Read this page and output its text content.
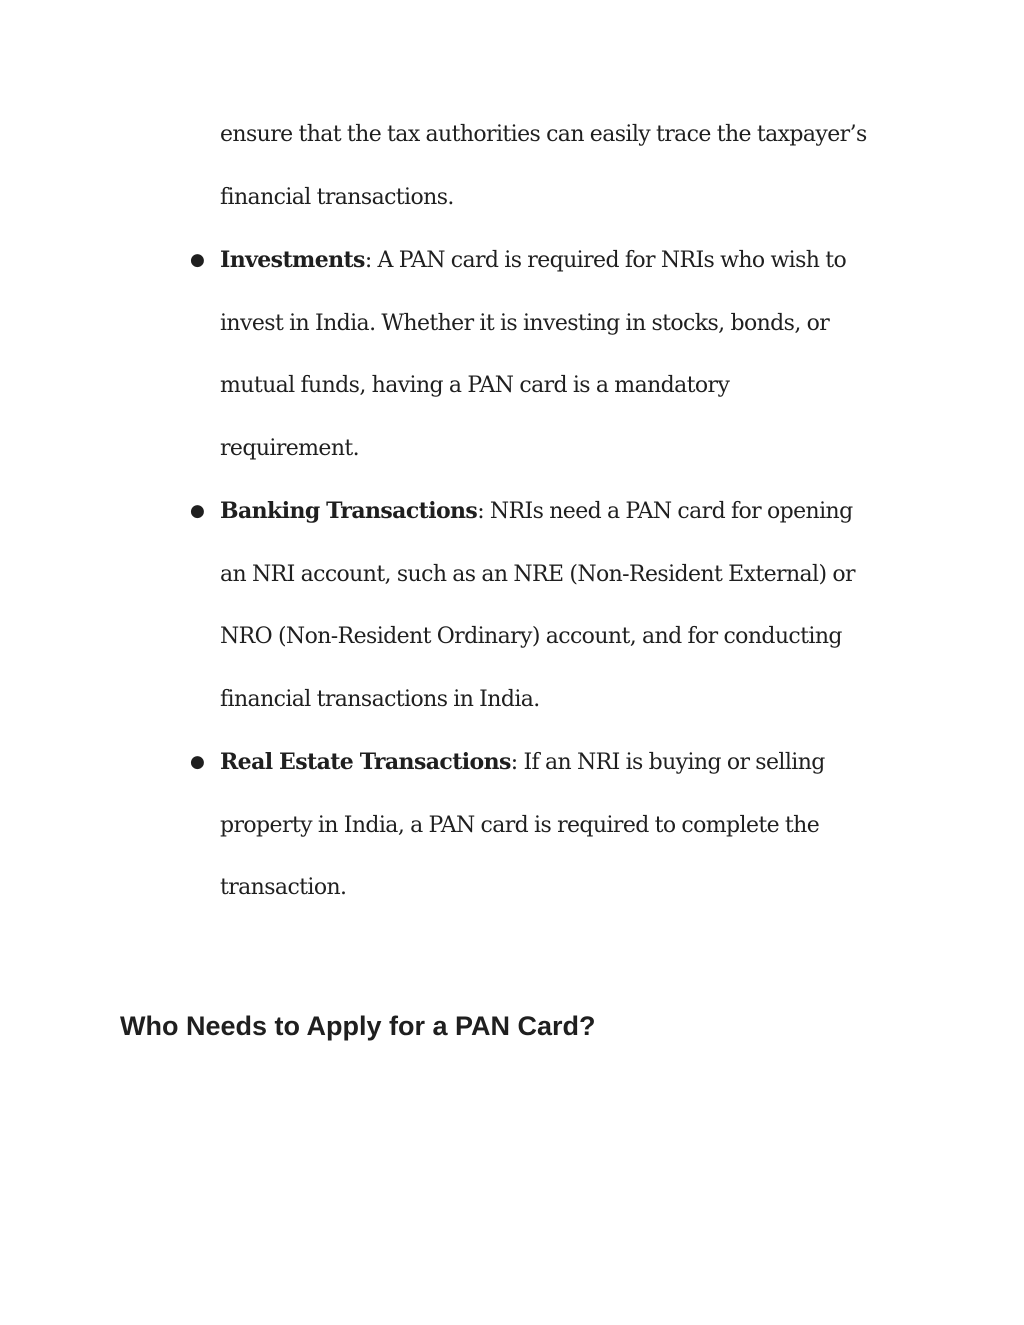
ensure that the tax authorities can easily trace the taxpayer’s

financial transactions.

● Investments: A PAN card is required for NRIs who wish to
invest in India. Whether it is investing in stocks, bonds, or
mutual funds, having a PAN card is a mandatory
requirement.
● Banking Transactions: NRIs need a PAN card for opening
an NRI account, such as an NRE (Non-Resident External) or
NRO (Non-Resident Ordinary) account, and for conducting
financial transactions in India.
● Real Estate Transactions: If an NRI is buying or selling
property in India, a PAN card is required to complete the
transaction.
Who Needs to Apply for a PAN Card?
